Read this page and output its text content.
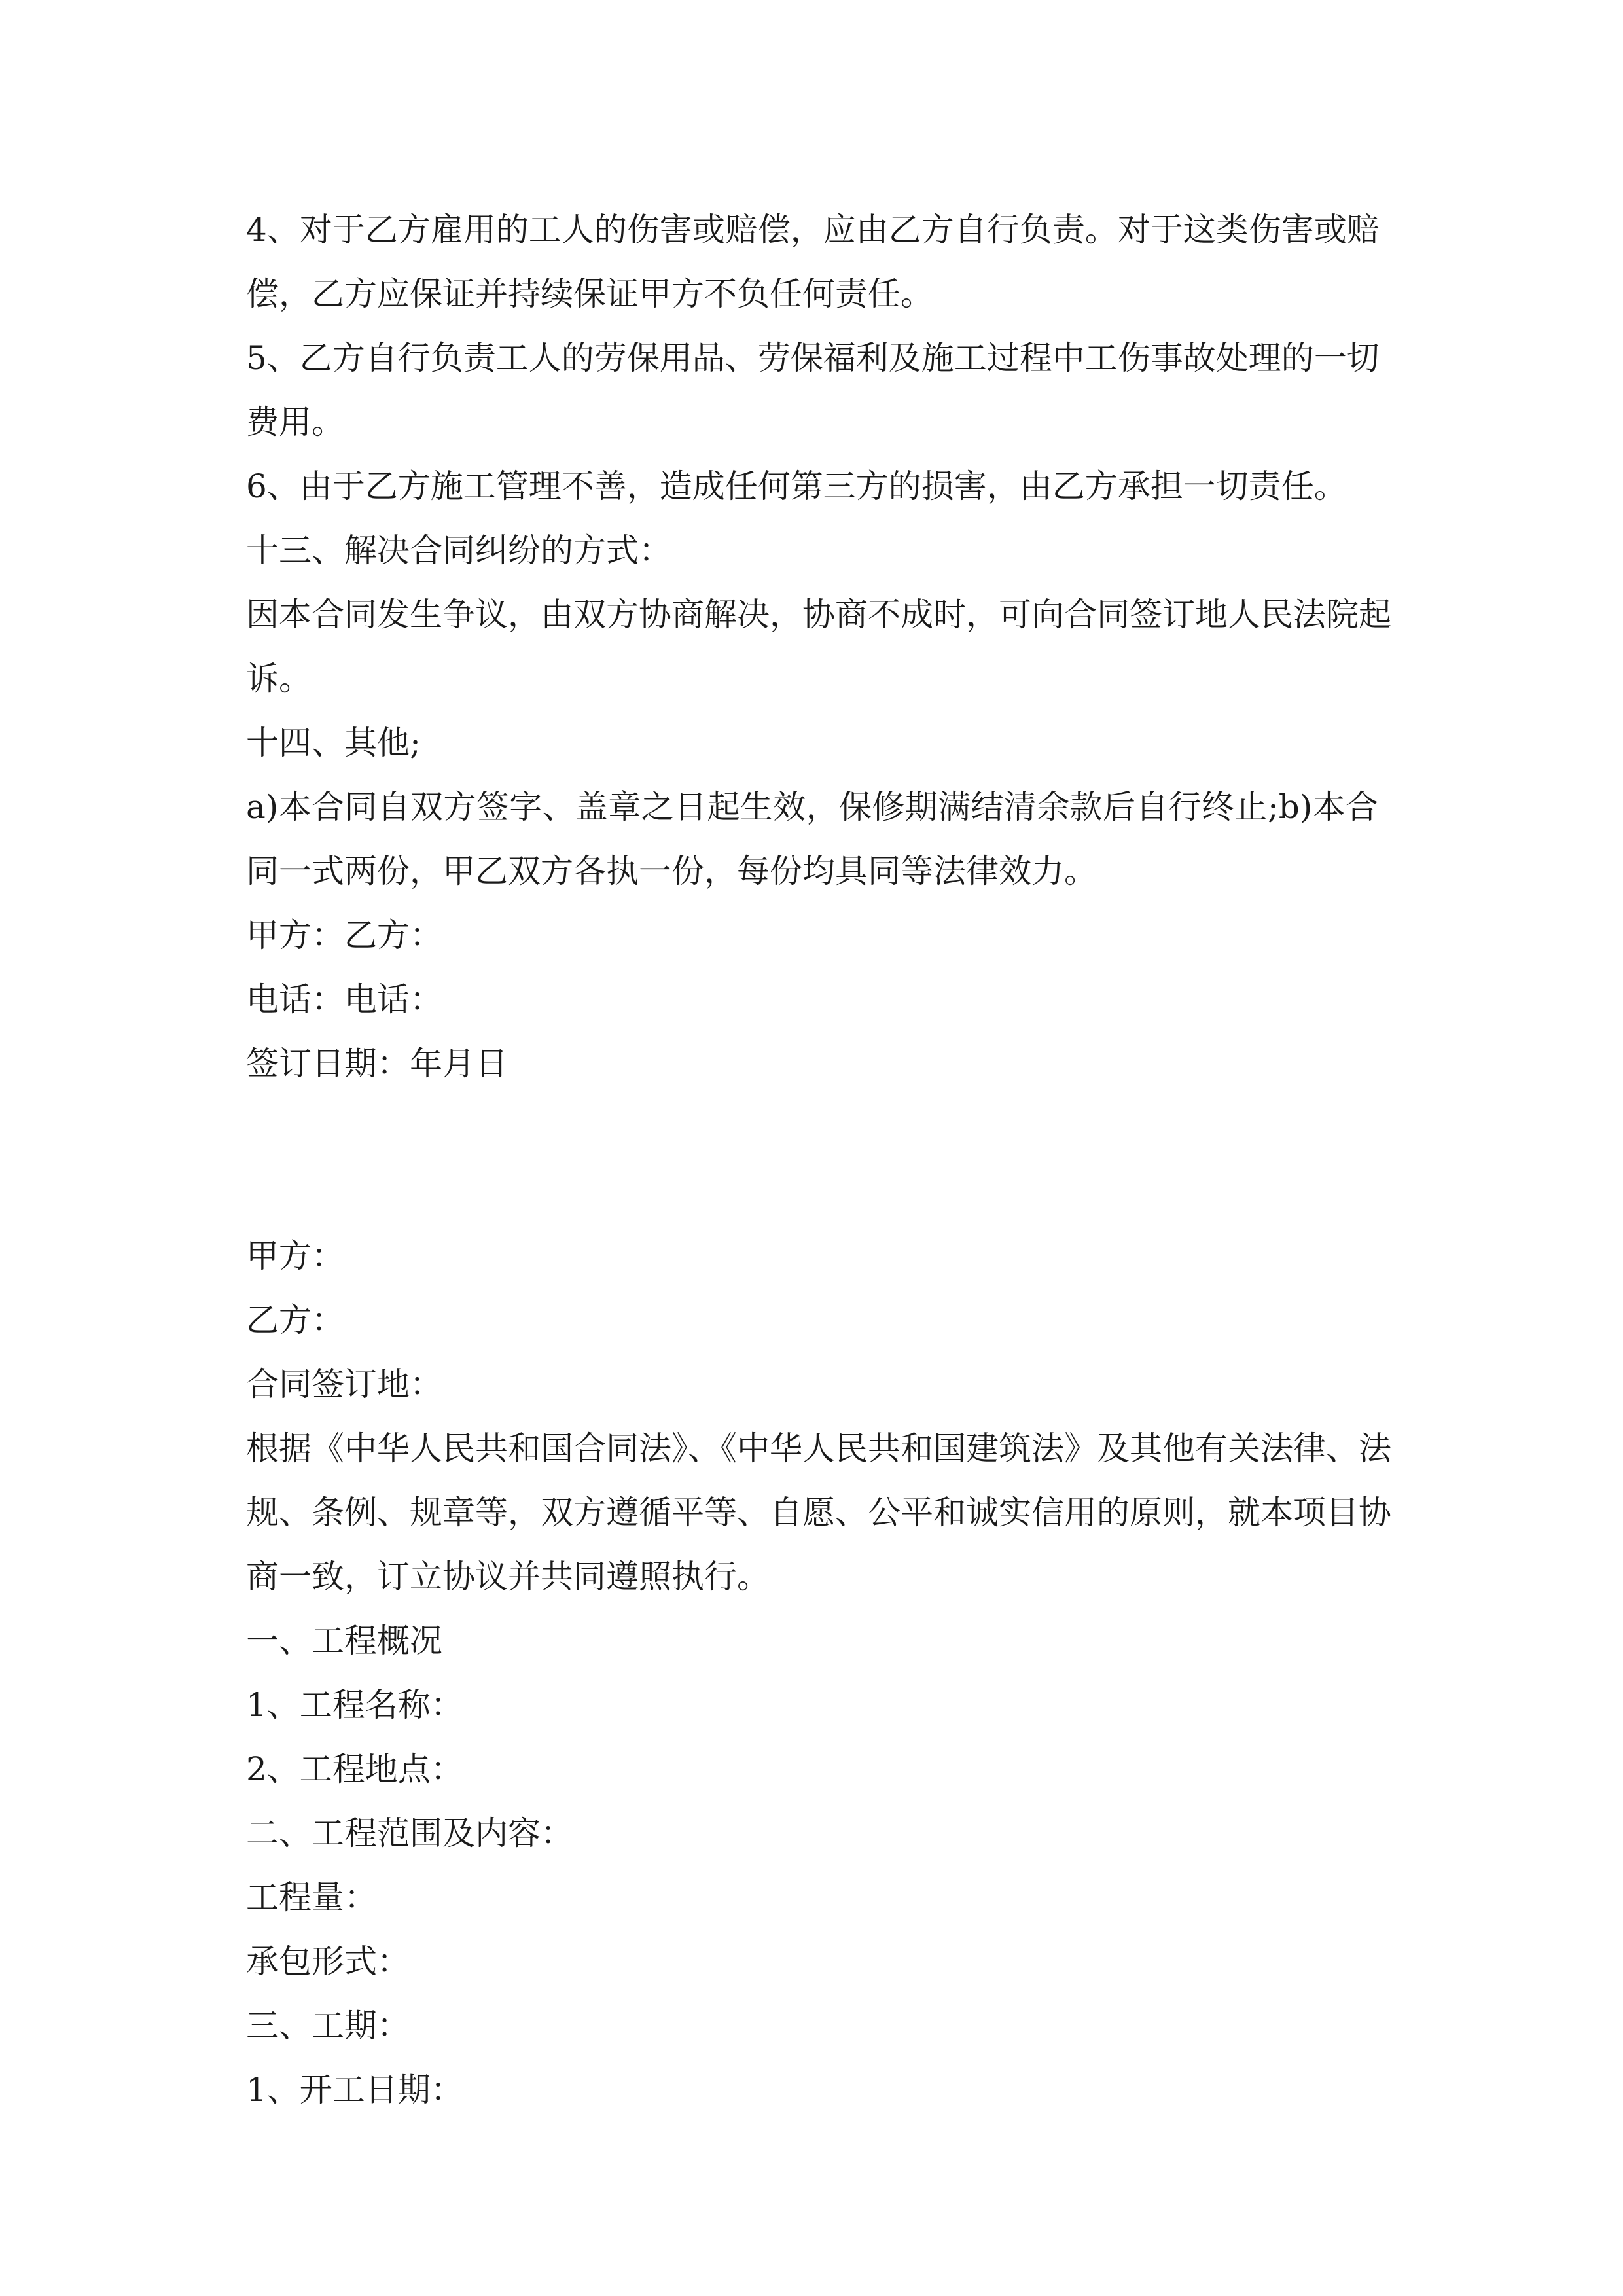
4、对于乙方雇用的工人的伤害或赔偿，应由乙方自行负责。对于这类伤害或赔
偿，乙方应保证并持续保证甲方不负任何责任。
5、乙方自行负责工人的劳保用品、劳保福利及施工过程中工伤事故处理的一切
费用。
6、由于乙方施工管理不善，造成任何第三方的损害，由乙方承担一切责任。
十三、解决合同纠纷的方式：
因本合同发生争议，由双方协商解决，协商不成时，可向合同签订地人民法院起
诉。
十四、其他;
a)本合同自双方签字、盖章之日起生效，保修期满结清余款后自行终止;b)本合
同一式两份，甲乙双方各执一份，每份均具同等法律效力。
甲方：乙方：
电话：电话：
签订日期：年月日
甲方：
乙方：
合同签订地：
根据《中华人民共和国合同法》、《中华人民共和国建筑法》及其他有关法律、法
规、条例、规章等，双方遵循平等、自愿、公平和诚实信用的原则，就本项目协
商一致，订立协议并共同遵照执行。
一、工程概况
1、工程名称：
2、工程地点：
二、工程范围及内容：
工程量：
承包形式：
三、工期：
1、开工日期：
